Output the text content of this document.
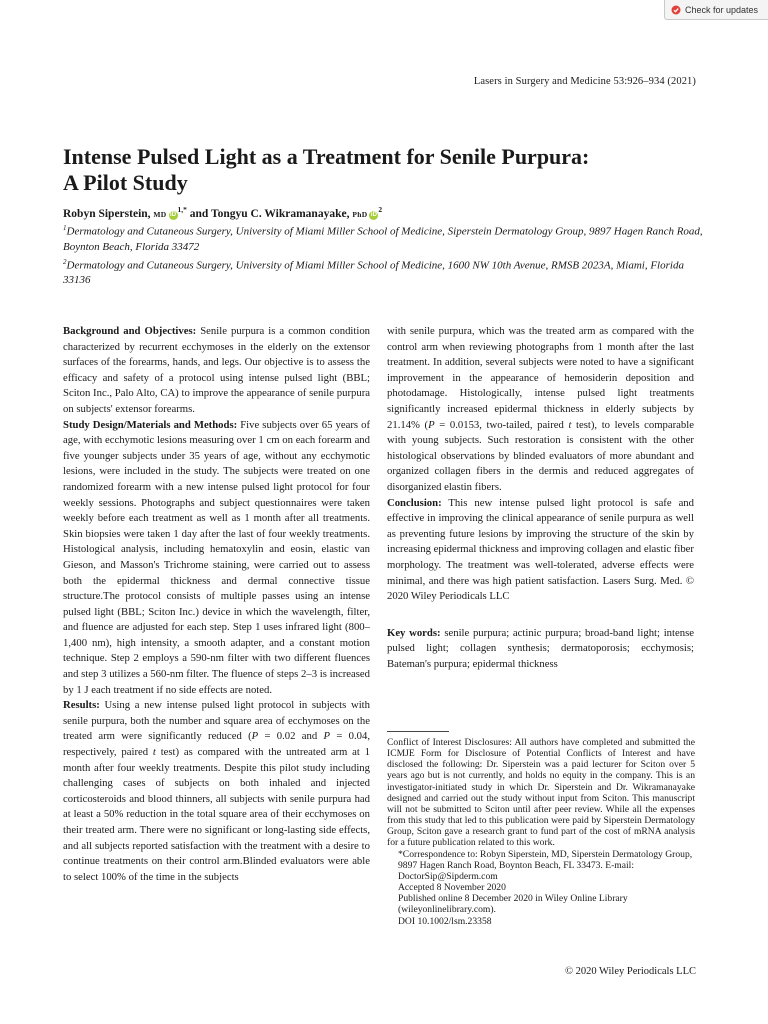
Check for updates
Lasers in Surgery and Medicine 53:926–934 (2021)
Intense Pulsed Light as a Treatment for Senile Purpura:
A Pilot Study
Robyn Siperstein, MD $iD^{1,*}$ and Tongyu C. Wikramanayake, PhD $iD^2$

$^1$Dermatology and Cutaneous Surgery, University of Miami Miller School of Medicine, Siperstein Dermatology Group, 9897 Hagen Ranch Road, Boynton Beach, Florida 33472

$^2$Dermatology and Cutaneous Surgery, University of Miami Miller School of Medicine, 1600 NW 10th Avenue, RMSB 2023A, Miami, Florida 33136

Background and Objectives: Senile purpura is a common condition characterized by recurrent ecchymoses in the elderly on the extensor surfaces of the forearms, hands, and legs. Our objective is to assess the efficacy and safety of a protocol using intense pulsed light (BBL; Sciton Inc., Palo Alto, CA) to improve the appearance of senile purpura on subjects' extensor forearms.

Study Design/Materials and Methods: Five subjects over 65 years of age, with ecchymotic lesions measuring over 1 cm on each forearm and five younger subjects under 35 years of age, without any ecchymotic lesions, were included in the study. The subjects were treated on one randomized forearm with a new intense pulsed light protocol for four weekly sessions. Photographs and subject questionnaires were taken weekly before each treatment as well as 1 month after all treatments. Skin biopsies were taken 1 day after the last of four weekly treatments. Histological analysis, including hematoxylin and eosin, elastic van Gieson, and Masson's Trichrome staining, were carried out to assess both the epidermal thickness and dermal connective tissue structure.The protocol consists of multiple passes using an intense pulsed light (BBL; Sciton Inc.) device in which the wavelength, filter, and fluence are adjusted for each step. Step 1 uses infrared light (800–1,400 nm), high intensity, a smooth adapter, and a constant motion technique. Step 2 employs a 590-nm filter with two different fluences and step 3 utilizes a 560-nm filter. The fluence of steps 2–3 is increased by 1 J each treatment if no side effects are noted.

Results: Using a new intense pulsed light protocol in subjects with senile purpura, both the number and square area of ecchymoses on the treated arm were significantly reduced (P = 0.02 and P = 0.04, respectively, paired t test) as compared with the untreated arm at 1 month after four weekly treatments. Despite this pilot study including challenging cases of subjects on both inhaled and injected corticosteroids and blood thinners, all subjects with senile purpura had at least a 50% reduction in the total square area of their ecchymoses on their treated arm. There were no significant or long-lasting side effects, and all subjects reported satisfaction with the treatment with a desire to continue treatments on their control arm.Blinded evaluators were able to select 100% of the time in the subjects

with senile purpura, which was the treated arm as compared with the control arm when reviewing photographs from 1 month after the last treatment. In addition, several subjects were noted to have a significant improvement in the appearance of hemosiderin deposition and photodamage. Histologically, intense pulsed light treatments significantly increased epidermal thickness in elderly subjects by 21.14% (P = 0.0153, two-tailed, paired t test), to levels comparable with young subjects. Such restoration is consistent with the other histological observations by blinded evaluators of more abundant and organized collagen fibers in the dermis and reduced aggregates of disorganized elastin fibers.

Conclusion: This new intense pulsed light protocol is safe and effective in improving the clinical appearance of senile purpura as well as preventing future lesions by improving the structure of the skin by increasing epidermal thickness and improving collagen and elastic fiber morphology. The treatment was well-tolerated, adverse effects were minimal, and there was high patient satisfaction. Lasers Surg. Med. © 2020 Wiley Periodicals LLC

Key words: senile purpura; actinic purpura; broad-band light; intense pulsed light; collagen synthesis; dermatoporosis; ecchymosis; Bateman's purpura; epidermal thickness

Conflict of Interest Disclosures: All authors have completed and submitted the ICMJE Form for Disclosure of Potential Conflicts of Interest and have disclosed the following: Dr. Siperstein was a paid lecturer for Sciton over 5 years ago but is not currently, and holds no equity in the company. This is an investigator-initiated study in which Dr. Siperstein and Dr. Wikramanayake designed and carried out the study without input from Sciton. This manuscript will not be submitted to Sciton until after peer review. While all the expenses from this study that led to this publication were paid by Siperstein Dermatology Group, Sciton gave a research grant to fund part of the cost of mRNA analysis for a future publication related to this work.

*Correspondence to: Robyn Siperstein, MD, Siperstein Dermatology Group, 9897 Hagen Ranch Road, Boynton Beach, FL 33473. E-mail: DoctorSip@Sipderm.com

Accepted 8 November 2020

Published online 8 December 2020 in Wiley Online Library (wileyonlinelibrary.com).

DOI 10.1002/lsm.23358

© 2020 Wiley Periodicals LLC
